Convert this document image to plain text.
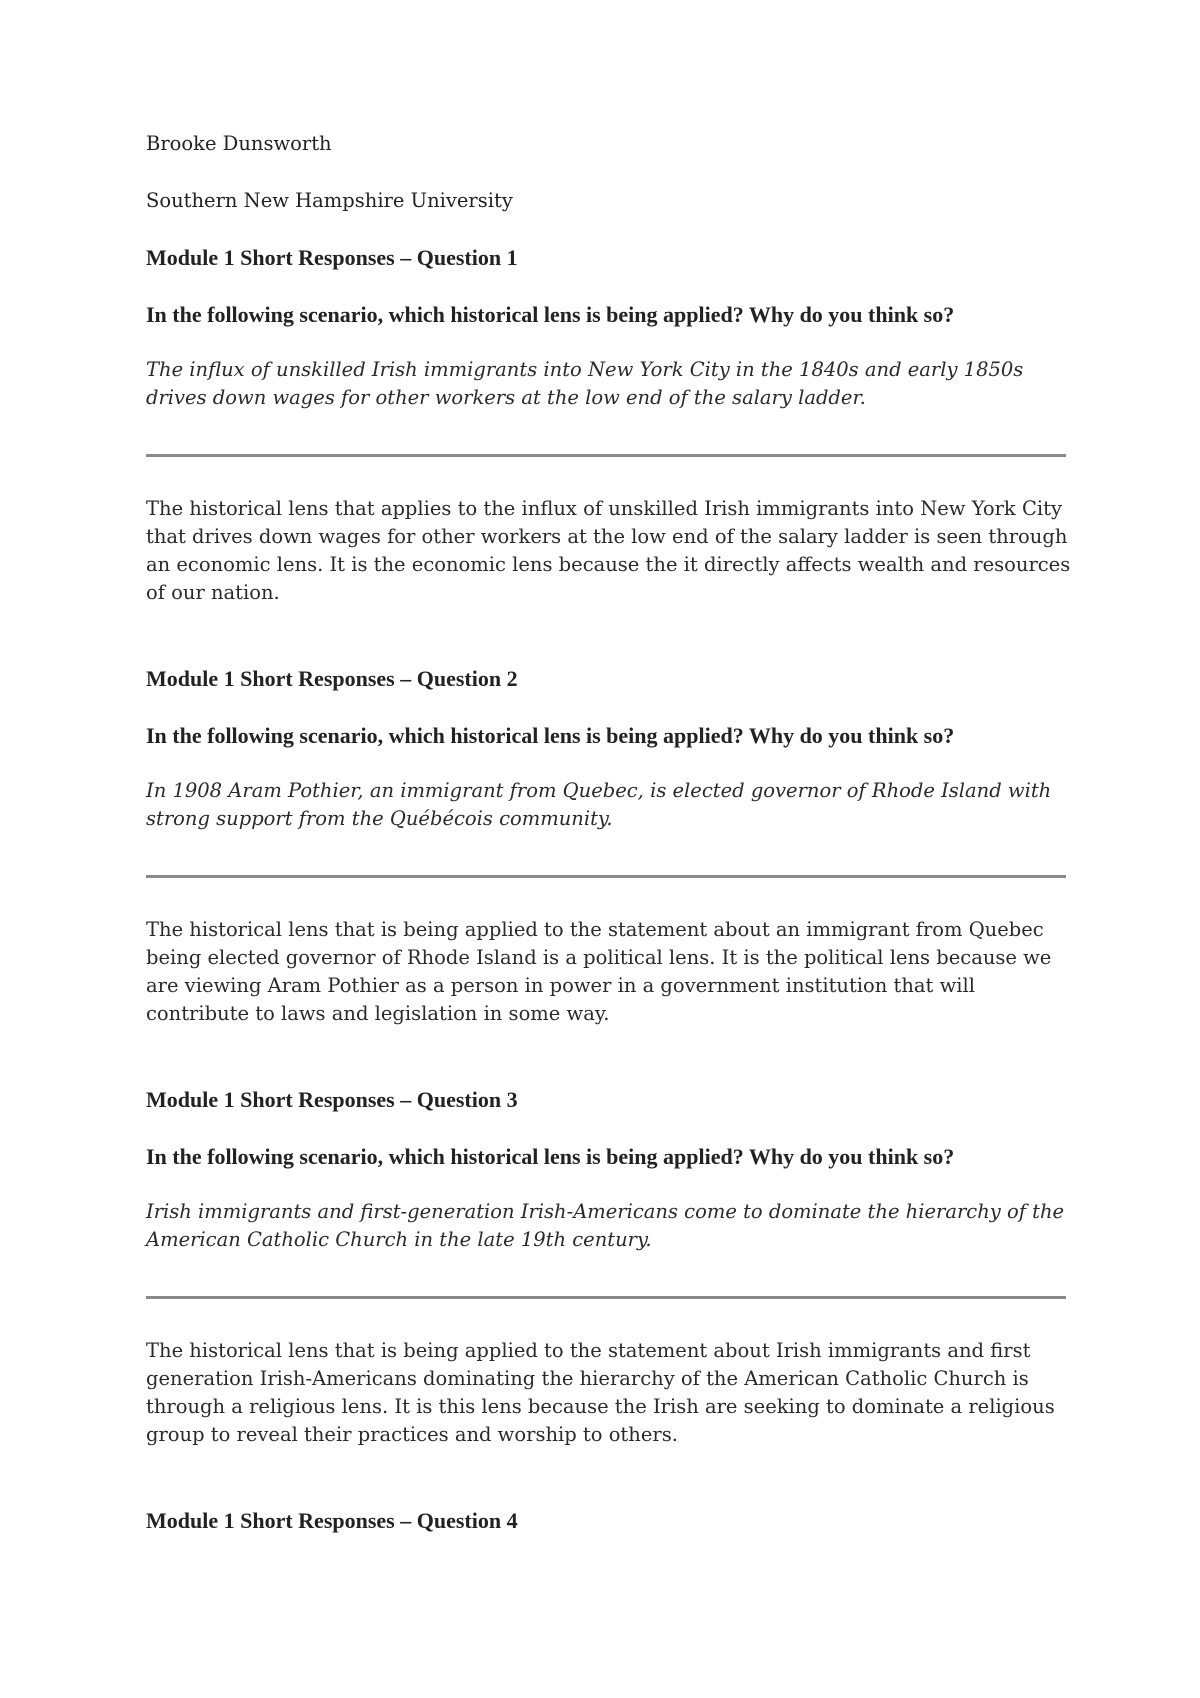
Brooke Dunsworth

Southern New Hampshire University

Module 1 Short Responses – Question 1

In the following scenario, which historical lens is being applied? Why do you think so?

The influx of unskilled Irish immigrants into New York City in the 1840s and early 1850s
drives down wages for other workers at the low end of the salary ladder.

The historical lens that applies to the influx of unskilled Irish immigrants into New York City
that drives down wages for other workers at the low end of the salary ladder is seen through
an economic lens. It is the economic lens because the it directly affects wealth and resources
of our nation.

Module 1 Short Responses – Question 2

In the following scenario, which historical lens is being applied? Why do you think so?

In 1908 Aram Pothier, an immigrant from Quebec, is elected governor of Rhode Island with
strong support from the Québécois community.

The historical lens that is being applied to the statement about an immigrant from Quebec
being elected governor of Rhode Island is a political lens. It is the political lens because we
are viewing Aram Pothier as a person in power in a government institution that will
contribute to laws and legislation in some way.

Module 1 Short Responses – Question 3

In the following scenario, which historical lens is being applied? Why do you think so?

Irish immigrants and first-generation Irish-Americans come to dominate the hierarchy of the
American Catholic Church in the late 19th century.

The historical lens that is being applied to the statement about Irish immigrants and first
generation Irish-Americans dominating the hierarchy of the American Catholic Church is
through a religious lens. It is this lens because the Irish are seeking to dominate a religious
group to reveal their practices and worship to others.

Module 1 Short Responses – Question 4
